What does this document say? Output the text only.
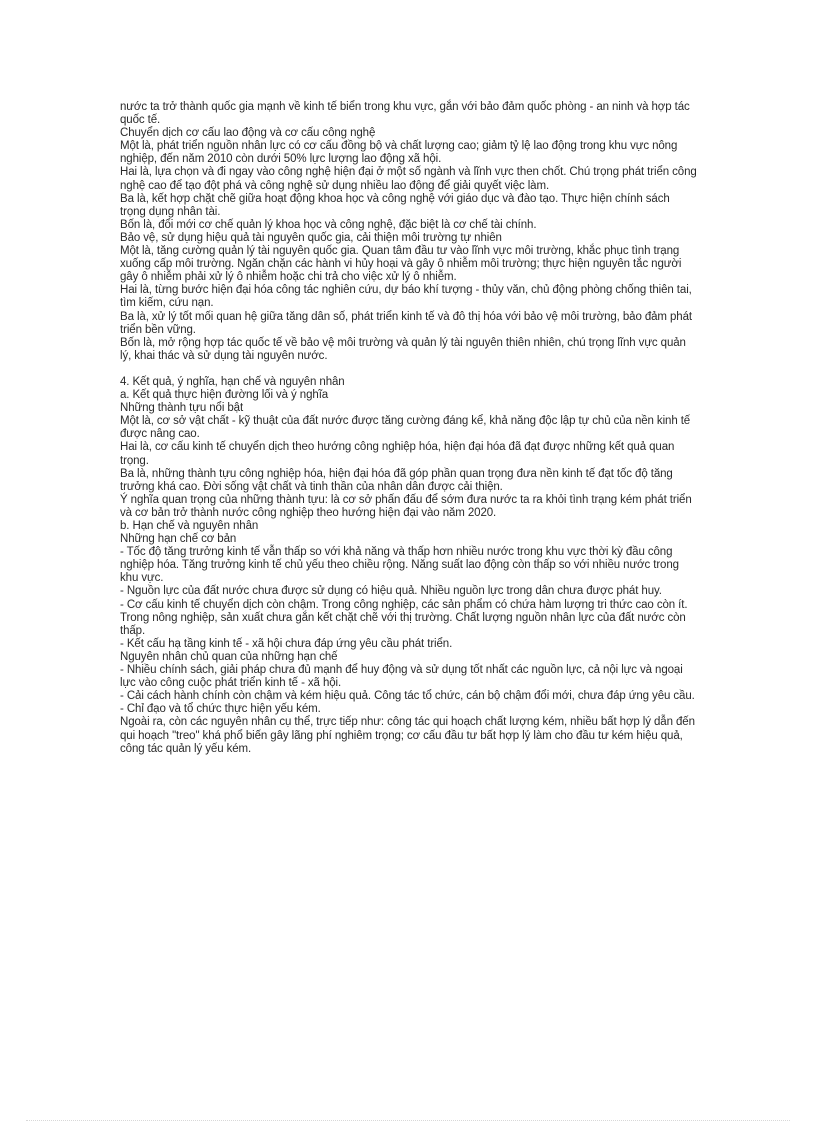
nước ta trở thành quốc gia mạnh về kinh tế biển trong khu vực, gắn với bảo đảm quốc phòng - an ninh và hợp tác quốc tế.

Chuyển dịch cơ cấu lao động và cơ cấu công nghệ

Một là, phát triển nguồn nhân lực có cơ cấu đồng bộ và chất lượng cao; giảm tỷ lệ lao động trong khu vực nông nghiệp, đến năm 2010 còn dưới 50% lực lượng lao động xã hội.

Hai là, lựa chọn và đi ngay vào công nghệ hiện đại ở một số ngành và lĩnh vực then chốt. Chú trọng phát triển công nghệ cao để tạo đột phá và công nghệ sử dụng nhiều lao động để giải quyết việc làm.

Ba là, kết hợp chặt chẽ giữa hoạt động khoa học và công nghệ với giáo dục và đào tạo. Thực hiện chính sách trọng dụng nhân tài.

Bốn là, đổi mới cơ chế quản lý khoa học và công nghệ, đặc biệt là cơ chế tài chính.

Bảo vệ, sử dụng hiệu quả tài nguyên quốc gia, cải thiện môi trường tự nhiên

Một là, tăng cường quản lý tài nguyên quốc gia. Quan tâm đầu tư vào lĩnh vực môi trường, khắc phục tình trạng xuống cấp môi trường. Ngăn chặn các hành vi hủy hoại và gây ô nhiễm môi trường; thực hiện nguyên tắc người gây ô nhiễm phải xử lý ô nhiễm hoặc chi trả cho việc xử lý ô nhiễm.

Hai là, từng bước hiện đại hóa công tác nghiên cứu, dự báo khí tượng - thủy văn, chủ động phòng chống thiên tai, tìm kiếm, cứu nạn.

Ba là, xử lý tốt mối quan hệ giữa tăng dân số, phát triển kinh tế và đô thị hóa với bảo vệ môi trường, bảo đảm phát triển bền vững.

Bốn là, mở rộng hợp tác quốc tế về bảo vệ môi trường và quản lý tài nguyên thiên nhiên, chú trọng lĩnh vực quản lý, khai thác và sử dụng tài nguyên nước.

4. Kết quả, ý nghĩa, hạn chế và nguyên nhân

a. Kết quả thực hiện đường lối và ý nghĩa

Những thành tựu nổi bật

Một là, cơ sở vật chất - kỹ thuật của đất nước được tăng cường đáng kể, khả năng độc lập tự chủ của nền kinh tế được nâng cao.

Hai là, cơ cấu kinh tế chuyển dịch theo hướng công nghiệp hóa, hiện đại hóa đã đạt được những kết quả quan trọng.

Ba là, những thành tựu công nghiệp hóa, hiện đại hóa đã góp phần quan trọng đưa nền kinh tế đạt tốc độ tăng trưởng khá cao. Đời sống vật chất và tinh thần của nhân dân được cải thiện.

Ý nghĩa quan trọng của những thành tựu: là cơ sở phấn đấu để sớm đưa nước ta ra khỏi tình trạng kém phát triển và cơ bản trở thành nước công nghiệp theo hướng hiện đại vào năm 2020.

b. Hạn chế và nguyên nhân

Những hạn chế cơ bản

- Tốc độ tăng trưởng kinh tế vẫn thấp so với khả năng và thấp hơn nhiều nước trong khu vực thời kỳ đầu công nghiệp hóa. Tăng trưởng kinh tế chủ yếu theo chiều rộng. Năng suất lao động còn thấp so với nhiều nước trong khu vực.

- Nguồn lực của đất nước chưa được sử dụng có hiệu quả. Nhiều nguồn lực trong dân chưa được phát huy.

- Cơ cấu kinh tế chuyển dịch còn chậm. Trong công nghiệp, các sản phẩm có chứa hàm lượng tri thức cao còn ít. Trong nông nghiệp, sản xuất chưa gắn kết chặt chẽ với thị trường. Chất lượng nguồn nhân lực của đất nước còn thấp.

- Kết cấu hạ tầng kinh tế - xã hội chưa đáp ứng yêu cầu phát triển.

Nguyên nhân chủ quan của những hạn chế

- Nhiều chính sách, giải pháp chưa đủ mạnh để huy động và sử dụng tốt nhất các nguồn lực, cả nội lực và ngoại lực vào công cuộc phát triển kinh tế - xã hội.

- Cải cách hành chính còn chậm và kém hiệu quả. Công tác tổ chức, cán bộ chậm đổi mới, chưa đáp ứng yêu cầu.

- Chỉ đạo và tổ chức thực hiện yếu kém.

Ngoài ra, còn các nguyên nhân cụ thể, trực tiếp như: công tác qui hoạch chất lượng kém, nhiều bất hợp lý dẫn đến qui hoạch "treo" khá phổ biến gây lãng phí nghiêm trọng; cơ cấu đầu tư bất hợp lý làm cho đầu tư kém hiệu quả, công tác quản lý yếu kém.
